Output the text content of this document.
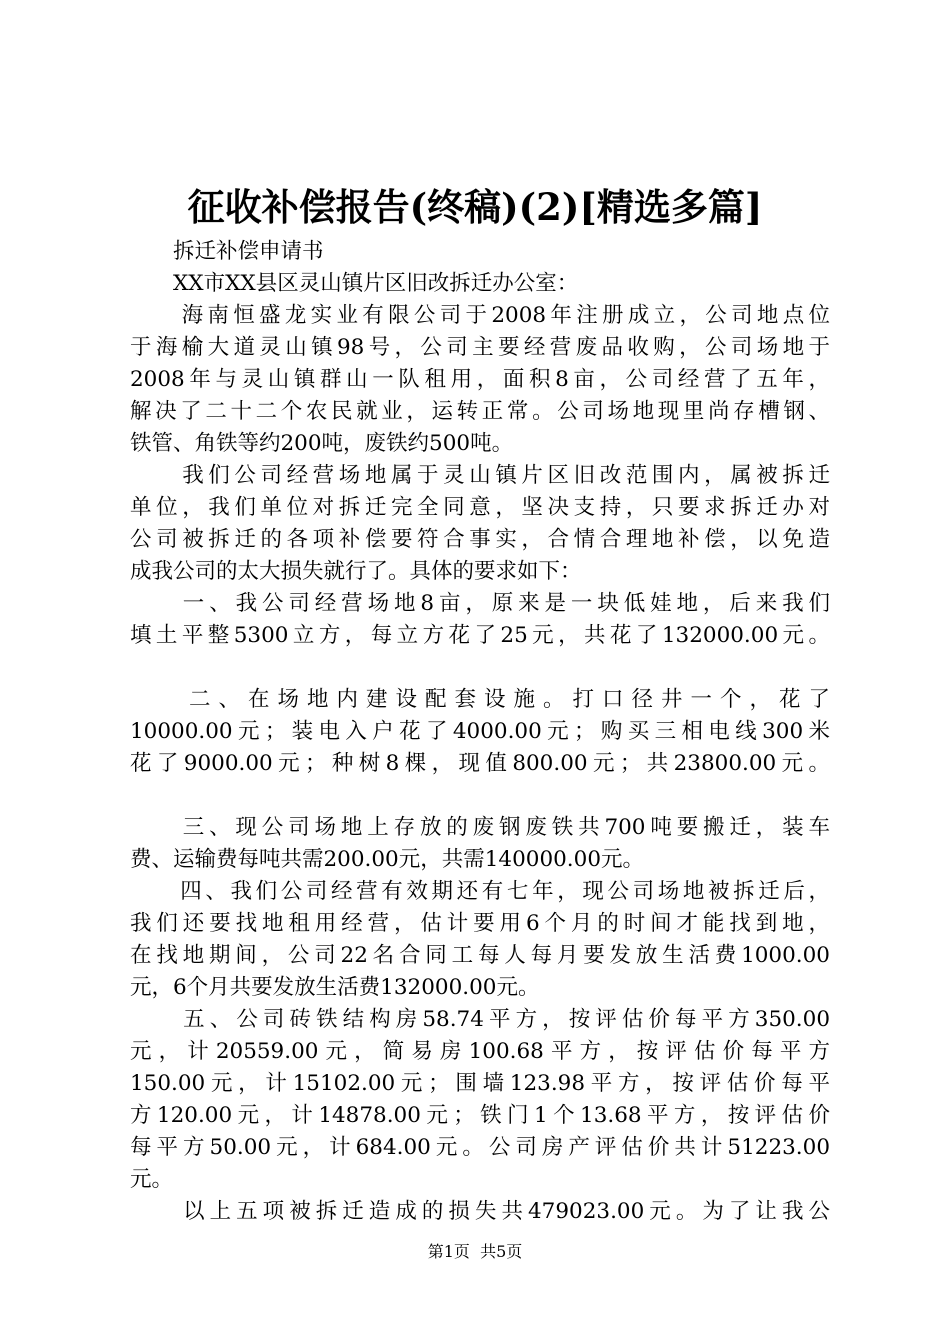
征收补偿报告(终稿)(2)[精选多篇]
　　拆迁补偿申请书
　　XX市XX县区灵山镇片区旧改拆迁办公室：
　　海南恒盛龙实业有限公司于2008年注册成立，公司地点位
于海榆大道灵山镇98号，公司主要经营废品收购，公司场地于
2008年与灵山镇群山一队租用，面积8亩，公司经营了五年，
解决了二十二个农民就业，运转正常。公司场地现里尚存槽钢、
铁管、角铁等约200吨，废铁约500吨。
　　我们公司经营场地属于灵山镇片区旧改范围内，属被拆迁
单位，我们单位对拆迁完全同意，坚决支持，只要求拆迁办对
公司被拆迁的各项补偿要符合事实，合情合理地补偿，以免造
成我公司的太大损失就行了。具体的要求如下：
　　一、我公司经营场地8亩，原来是一块低娃地，后来我们
填土平整5300立方，每立方花了25元，共花了132000.00元。
　　二、在场地内建设配套设施。打口径井一个，花了
10000.00元；装电入户花了4000.00元；购买三相电线300米
花了9000.00元；种树8棵，现值800.00元；共23800.00元。
　　三、现公司场地上存放的废钢废铁共700吨要搬迁，装车
费、运输费每吨共需200.00元，共需140000.00元。
　　四、我们公司经营有效期还有七年，现公司场地被拆迁后，
我们还要找地租用经营，估计要用6个月的时间才能找到地，
在找地期间，公司22名合同工每人每月要发放生活费1000.00
元，6个月共要发放生活费132000.00元。
　　五、公司砖铁结构房58.74平方，按评估价每平方350.00
元，计20559.00元，简易房100.68平方，按评估价每平方
150.00元，计15102.00元；围墙123.98平方，按评估价每平
方120.00元，计14878.00元；铁门1个13.68平方，按评估价
每平方50.00元，计684.00元。公司房产评估价共计51223.00
元。
　　以上五项被拆迁造成的损失共479023.00元。为了让我公
第1页  共5页
